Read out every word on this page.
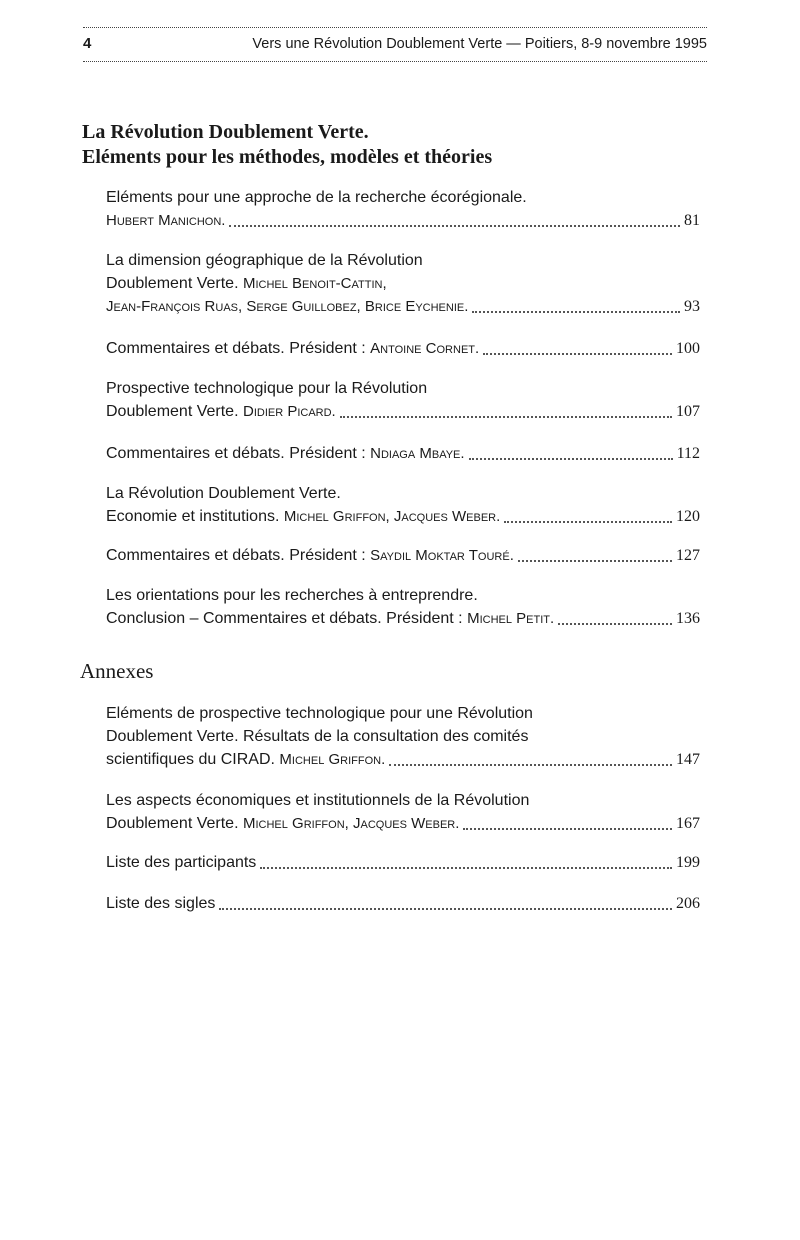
4	Vers une Révolution Doublement Verte — Poitiers, 8-9 novembre 1995
La Révolution Doublement Verte.
Eléments pour les méthodes, modèles et théories
Eléments pour une approche de la recherche écorégionale.
Hubert Manichon.	81
La dimension géographique de la Révolution
Doublement Verte. Michel Benoit-Cattin,
Jean-François Ruas, Serge Guillobez, Brice Eychenie.	93
Commentaires et débats. Président : Antoine Cornet.	100
Prospective technologique pour la Révolution
Doublement Verte. Didier Picard.	107
Commentaires et débats. Président : Ndiaga Mbaye.	112
La Révolution Doublement Verte.
Economie et institutions. Michel Griffon, Jacques Weber.	120
Commentaires et débats. Président : Saydil Moktar Touré.	127
Les orientations pour les recherches à entreprendre.
Conclusion – Commentaires et débats. Président : Michel Petit.	136
Annexes
Eléments de prospective technologique pour une Révolution
Doublement Verte. Résultats de la consultation des comités
scientifiques du CIRAD. Michel Griffon.	147
Les aspects économiques et institutionnels de la Révolution
Doublement Verte. Michel Griffon, Jacques Weber.	167
Liste des participants	199
Liste des sigles	206
